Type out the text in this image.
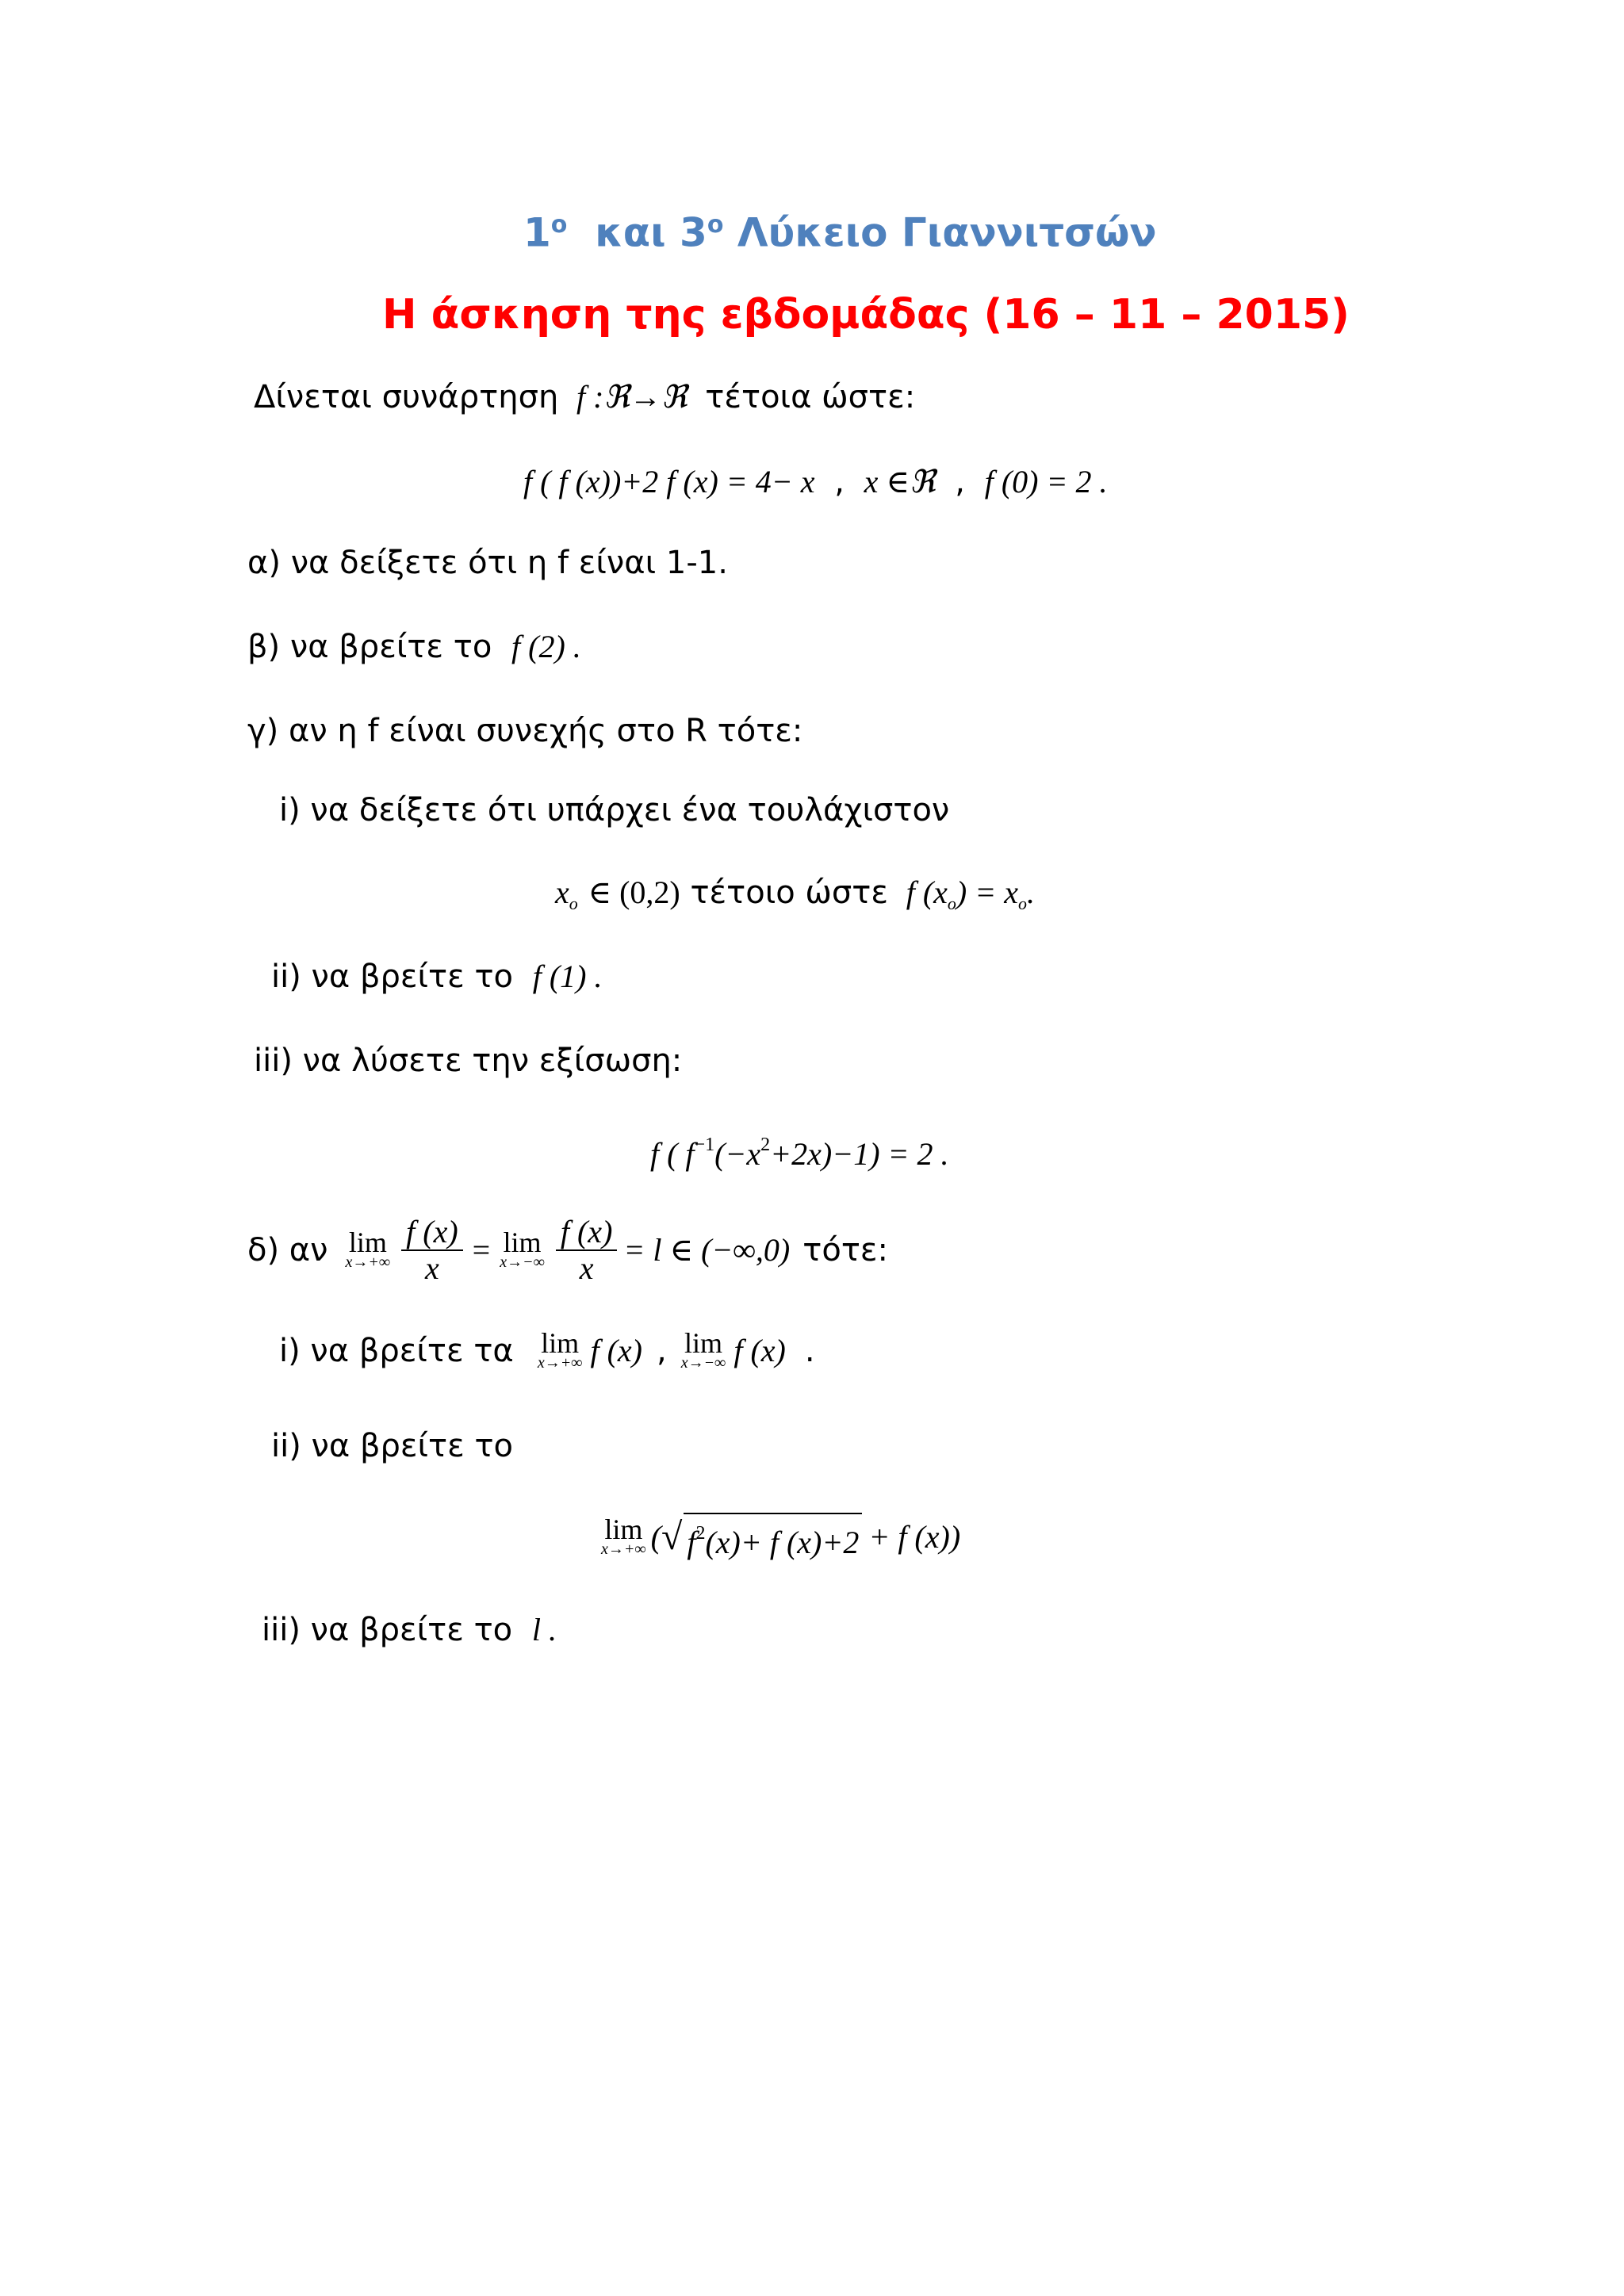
$1^o$ και $3^o$ Λύκειο Γιαννιτσών
Η άσκηση της εβδομάδας (16 – 11 – 2015)
Δίνεται συνάρτηση f :ℜ→ℜ τέτοια ώστε:
f ( f (x))+2 f (x) = 4− x , x ∈ℜ , f (0) = 2 .
α) να δείξετε ότι η f είναι 1-1.
β) να βρείτε το f (2) .
γ) αν η f είναι συνεχής στο R τότε:
i) να δείξετε ότι υπάρχει ένα τουλάχιστον
$x_o$ ∈ (0,2) τέτοιο ώστε f $(x_o) = x_o$.
ii) να βρείτε το f (1) .
iii) να λύσετε την εξίσωση:
f ( $f^{-1}(-x^2+2x)-1) = 2$ .
δ) αν lim
$x\to+\infty \frac{f (x)}{x} = \lim$
$x\to-\infty \frac{f (x)}{x} = l$ ∈ (−∞,0) τότε:
i) να βρείτε τα lim
x→+∞ f (x) , lim
x→−∞ f (x) .
ii) να βρείτε το
lim
x→+∞ ( √ $f^2(x)+ f$ (x)+2 + f (x))
iii) να βρείτε το l .
